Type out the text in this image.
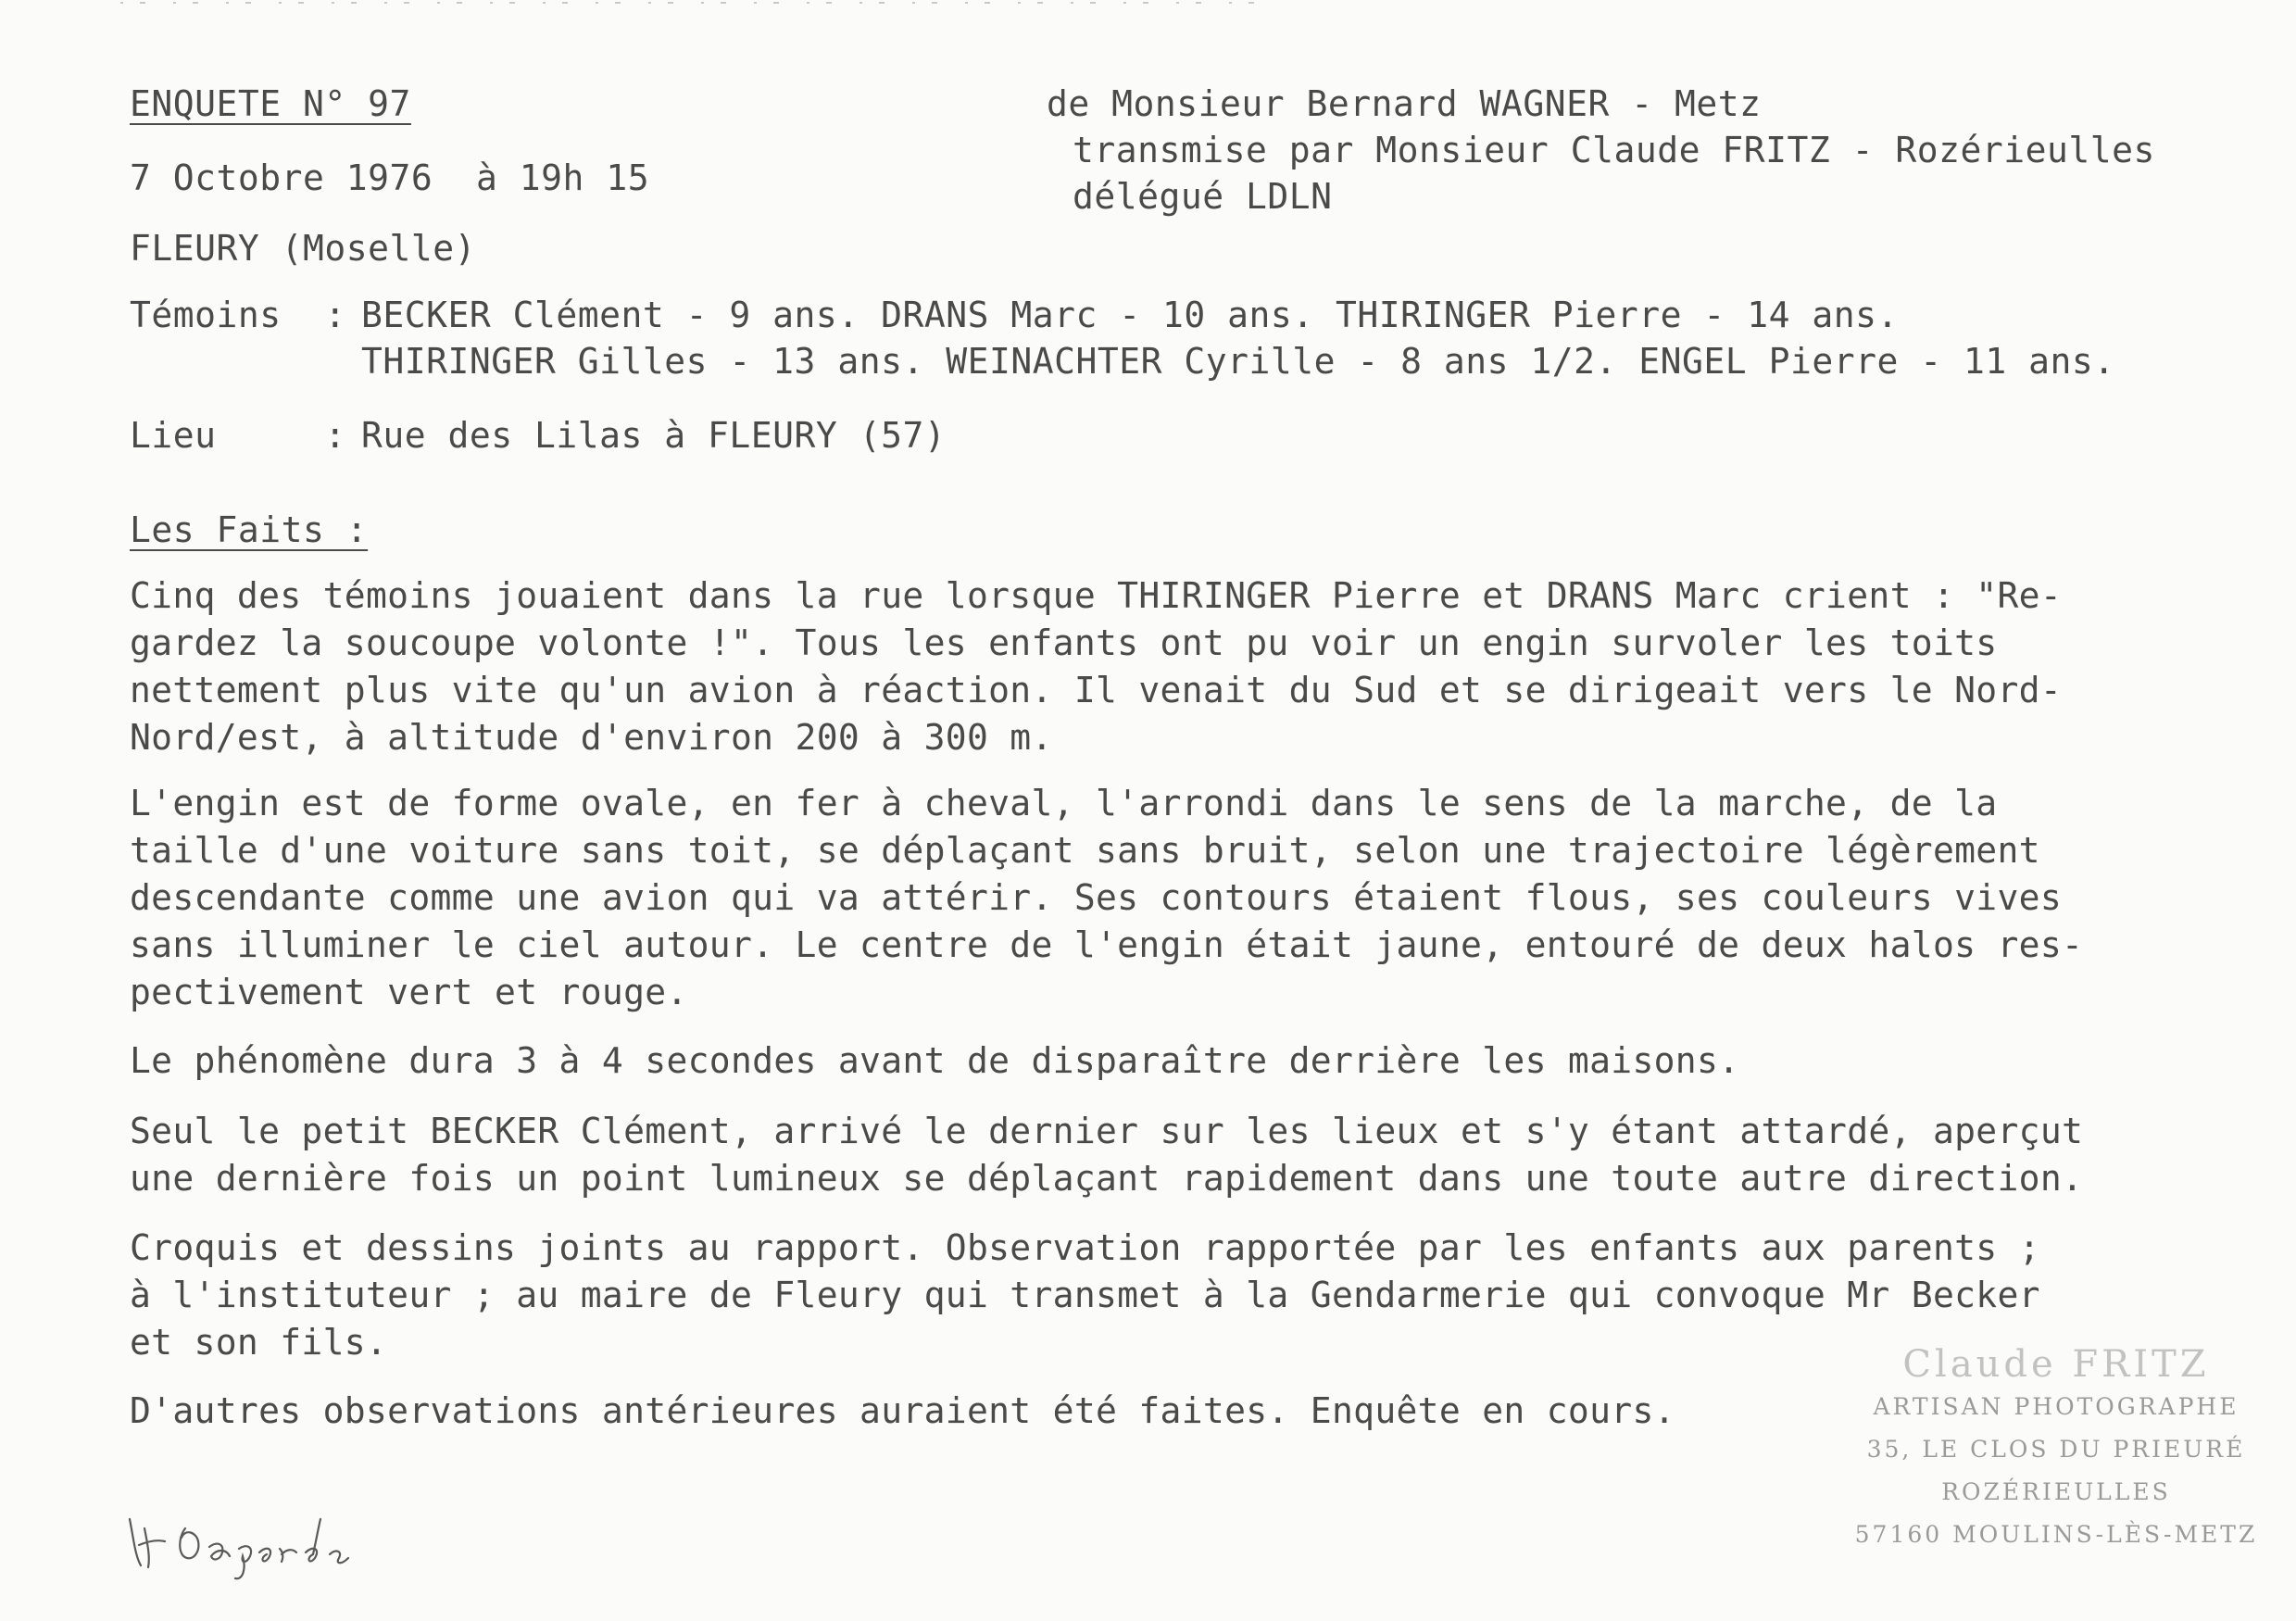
ENQUETE N° 97
7 Octobre 1976  à 19h 15
FLEURY (Moselle)
de Monsieur Bernard WAGNER - Metz
transmise par Monsieur Claude FRITZ - Rozérieulles
délégué LDLN
Témoins  : BECKER Clément - 9 ans. DRANS Marc - 10 ans. THIRINGER Pierre - 14 ans.
THIRINGER Gilles - 13 ans. WEINACHTER Cyrille - 8 ans 1/2. ENGEL Pierre - 11 ans.
Lieu     : Rue des Lilas à FLEURY (57)
Les Faits :
Cinq des témoins jouaient dans la rue lorsque THIRINGER Pierre et DRANS Marc crient : "Re-
gardez la soucoupe volonte !". Tous les enfants ont pu voir un engin survoler les toits
nettement plus vite qu'un avion à réaction. Il venait du Sud et se dirigeait vers le Nord-
Nord/est, à altitude d'environ 200 à 300 m.
L'engin est de forme ovale, en fer à cheval, l'arrondi dans le sens de la marche, de la
taille d'une voiture sans toit, se déplaçant sans bruit, selon une trajectoire légèrement
descendante comme une avion qui va attérir. Ses contours étaient flous, ses couleurs vives
sans illuminer le ciel autour. Le centre de l'engin était jaune, entouré de deux halos res-
pectivement vert et rouge.
Le phénomène dura 3 à 4 secondes avant de disparaître derrière les maisons.
Seul le petit BECKER Clément, arrivé le dernier sur les lieux et s'y étant attardé, aperçut
une dernière fois un point lumineux se déplaçant rapidement dans une toute autre direction.
Croquis et dessins joints au rapport. Observation rapportée par les enfants aux parents ;
à l'instituteur ; au maire de Fleury qui transmet à la Gendarmerie qui convoque Mr Becker
et son fils.
D'autres observations antérieures auraient été faites. Enquête en cours.
Claude FRITZ
ARTISAN PHOTOGRAPHE
35, LE CLOS DU PRIEURÉ
ROZÉRIEULLES
57160 MOULINS-LÈS-METZ
